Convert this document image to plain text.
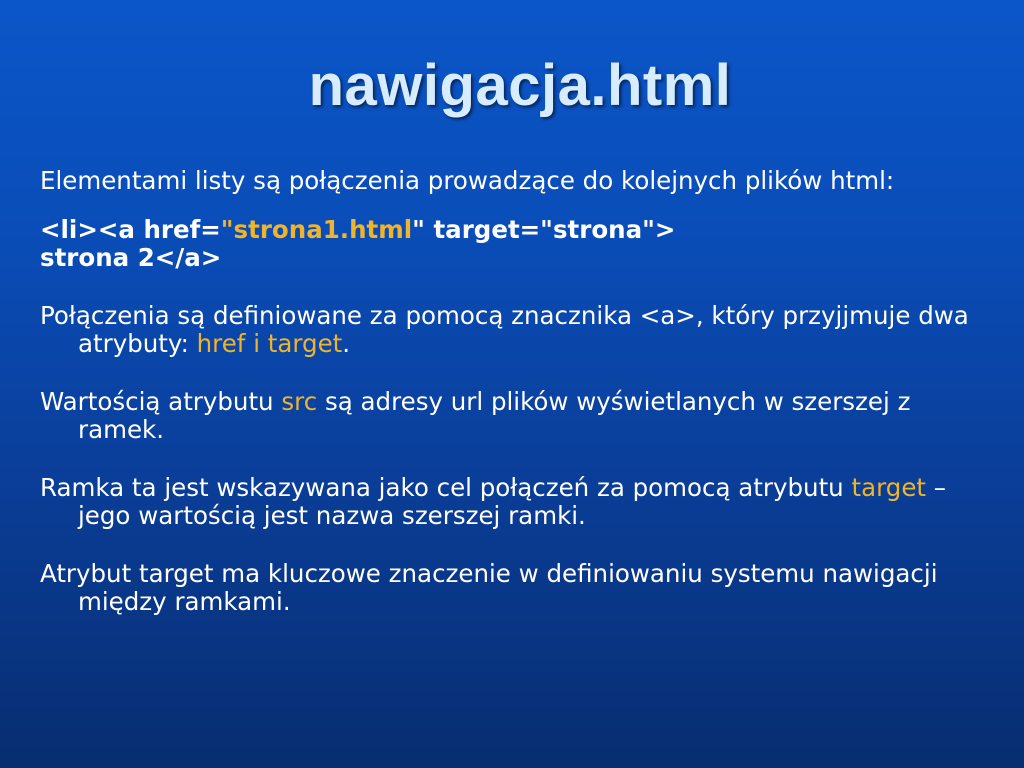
nawigacja.html

Elementami listy są połączenia prowadzące do kolejnych plików html:

<li><a href="strona1.html" target="strona">

strona 2</a>

Połączenia są definiowane za pomocą znacznika <a>, który przyjjmuje dwa atrybuty: href i target.

Wartością atrybutu src są adresy url plików wyświetlanych w szerszej z ramek.

Ramka ta jest wskazywana jako cel połączeń za pomocą atrybutu target – jego wartością jest nazwa szerszej ramki.

Atrybut target ma kluczowe znaczenie w definiowaniu systemu nawigacji między ramkami.
